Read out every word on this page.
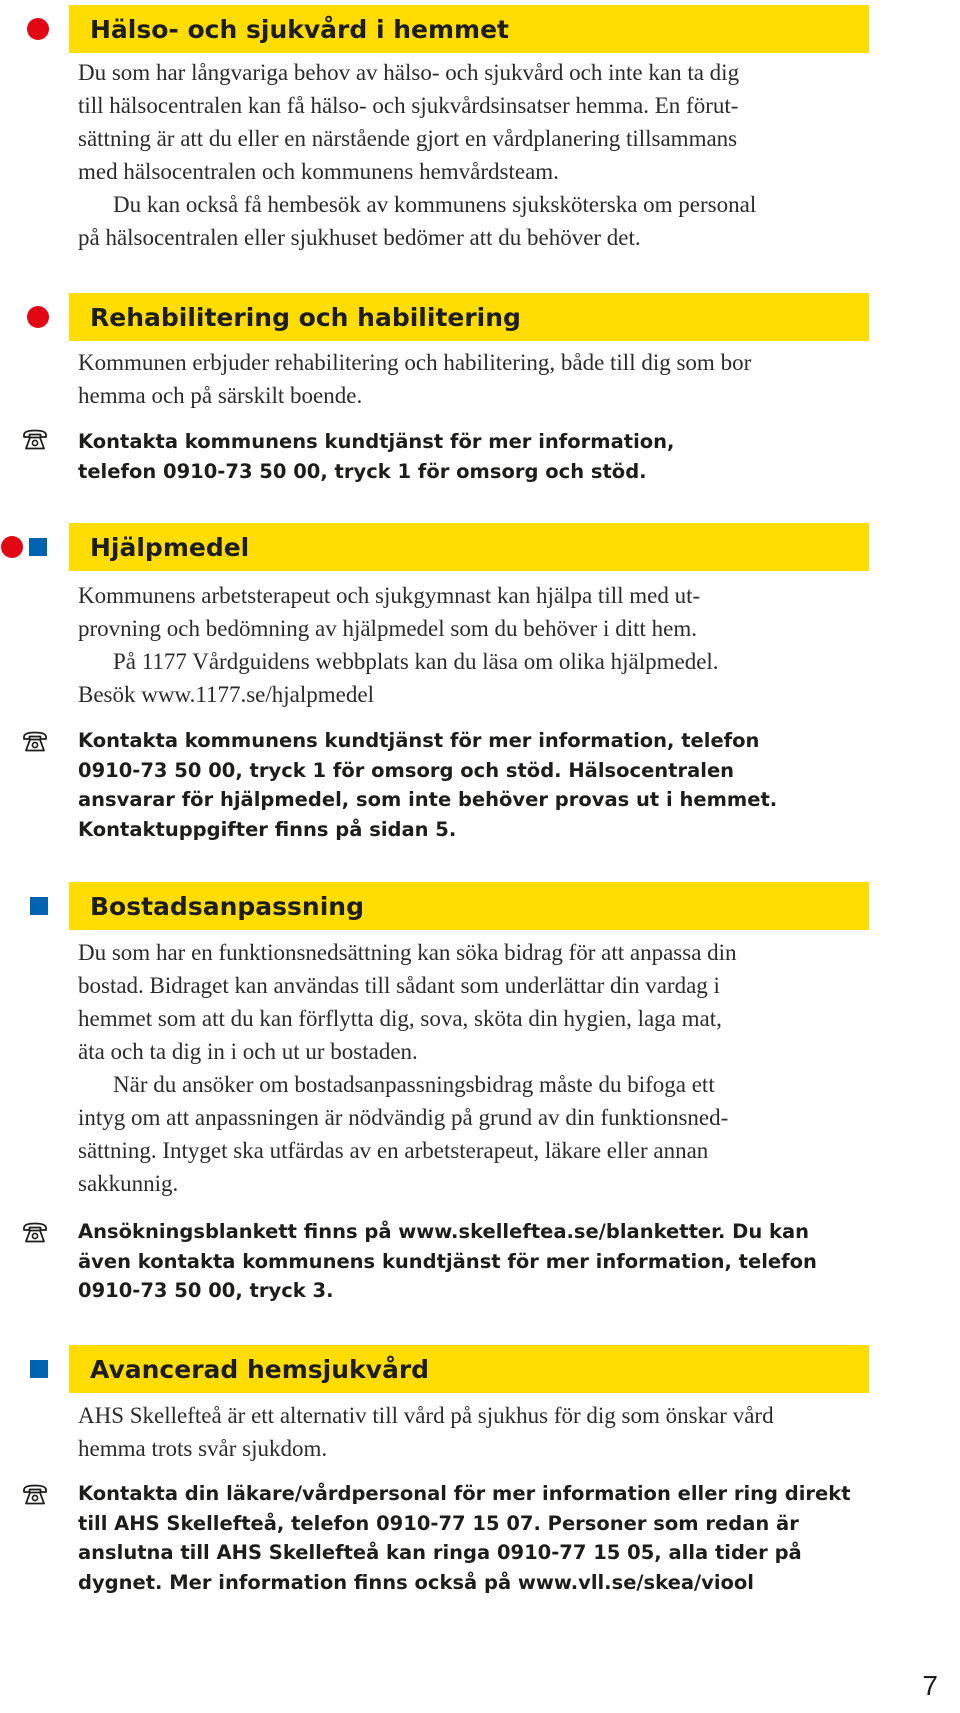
Hälso- och sjukvård i hemmet
Du som har långvariga behov av hälso- och sjukvård och inte kan ta dig
till hälsocentralen kan få hälso- och sjukvårdsinsatser hemma. En förut-
sättning är att du eller en närstående gjort en vårdplanering tillsammans
med hälsocentralen och kommunens hemvårdsteam.
Du kan också få hembesök av kommunens sjuksköterska om personal
på hälsocentralen eller sjukhuset bedömer att du behöver det.
Rehabilitering och habilitering
Kommunen erbjuder rehabilitering och habilitering, både till dig som bor
hemma och på särskilt boende.
Kontakta kommunens kundtjänst för mer information,
telefon 0910-73 50 00, tryck 1 för omsorg och stöd.
Hjälpmedel
Kommunens arbetsterapeut och sjukgymnast kan hjälpa till med ut-
provning och bedömning av hjälpmedel som du behöver i ditt hem.
På 1177 Vårdguidens webbplats kan du läsa om olika hjälpmedel.
Besök www.1177.se/hjalpmedel
Kontakta kommunens kundtjänst för mer information, telefon
0910-73 50 00, tryck 1 för omsorg och stöd. Hälsocentralen
ansvarar för hjälpmedel, som inte behöver provas ut i hemmet.
Kontaktuppgifter finns på sidan 5.
Bostadsanpassning
Du som har en funktionsnedsättning kan söka bidrag för att anpassa din
bostad. Bidraget kan användas till sådant som underlättar din vardag i
hemmet som att du kan förflytta dig, sova, sköta din hygien, laga mat,
äta och ta dig in i och ut ur bostaden.
När du ansöker om bostadsanpassningsbidrag måste du bifoga ett
intyg om att anpassningen är nödvändig på grund av din funktionsned-
sättning. Intyget ska utfärdas av en arbetsterapeut, läkare eller annan
sakkunnig.
Ansökningsblankett finns på www.skelleftea.se/blanketter. Du kan
även kontakta kommunens kundtjänst för mer information, telefon
0910-73 50 00, tryck 3.
Avancerad hemsjukvård
AHS Skellefteå är ett alternativ till vård på sjukhus för dig som önskar vård
hemma trots svår sjukdom.
Kontakta din läkare/vårdpersonal för mer information eller ring direkt
till AHS Skellefteå, telefon 0910-77 15 07. Personer som redan är
anslutna till AHS Skellefteå kan ringa 0910-77 15 05, alla tider på
dygnet. Mer information finns också på www.vll.se/skea/viool
7
